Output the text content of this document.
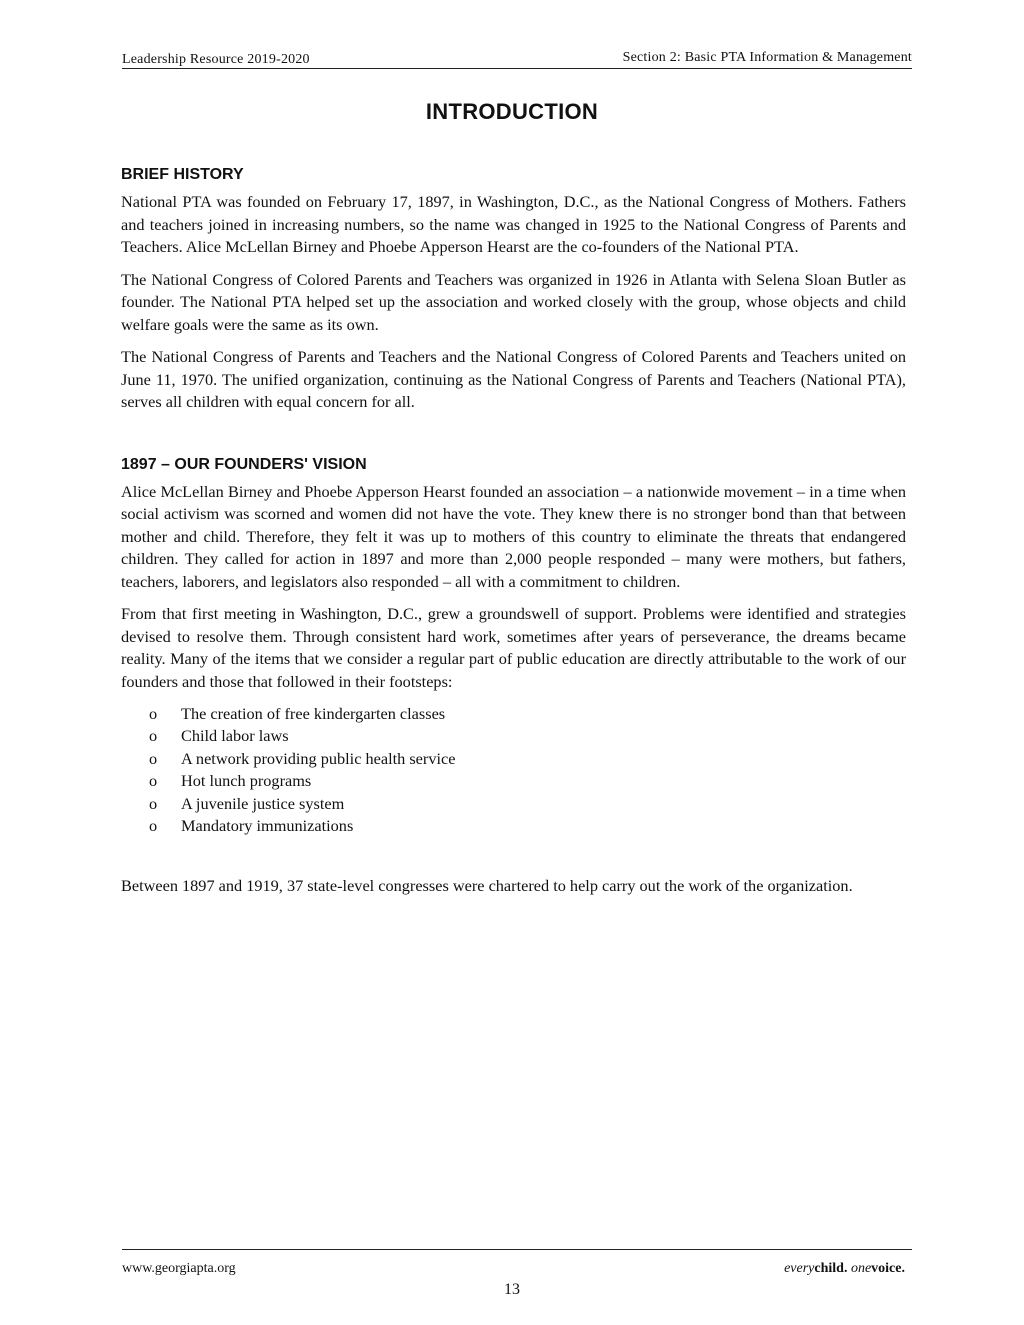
Leadership Resource 2019-2020	Section 2: Basic PTA Information & Management
INTRODUCTION
BRIEF HISTORY

National PTA was founded on February 17, 1897, in Washington, D.C., as the National Congress of Mothers. Fathers and teachers joined in increasing numbers, so the name was changed in 1925 to the National Congress of Parents and Teachers. Alice McLellan Birney and Phoebe Apperson Hearst are the co-founders of the National PTA.

The National Congress of Colored Parents and Teachers was organized in 1926 in Atlanta with Selena Sloan Butler as founder. The National PTA helped set up the association and worked closely with the group, whose objects and child welfare goals were the same as its own.

The National Congress of Parents and Teachers and the National Congress of Colored Parents and Teachers united on June 11, 1970. The unified organization, continuing as the National Congress of Parents and Teachers (National PTA), serves all children with equal concern for all.

1897 – OUR FOUNDERS' VISION

Alice McLellan Birney and Phoebe Apperson Hearst founded an association – a nationwide movement – in a time when social activism was scorned and women did not have the vote. They knew there is no stronger bond than that between mother and child. Therefore, they felt it was up to mothers of this country to eliminate the threats that endangered children. They called for action in 1897 and more than 2,000 people responded – many were mothers, but fathers, teachers, laborers, and legislators also responded – all with a commitment to children.

From that first meeting in Washington, D.C., grew a groundswell of support. Problems were identified and strategies devised to resolve them. Through consistent hard work, sometimes after years of perseverance, the dreams became reality. Many of the items that we consider a regular part of public education are directly attributable to the work of our founders and those that followed in their footsteps:

o The creation of free kindergarten classes
o Child labor laws
o A network providing public health service
o Hot lunch programs
o A juvenile justice system
o Mandatory immunizations

Between 1897 and 1919, 37 state-level congresses were chartered to help carry out the work of the organization.

www.georgiapta.org	everychild. onevoice.
13
